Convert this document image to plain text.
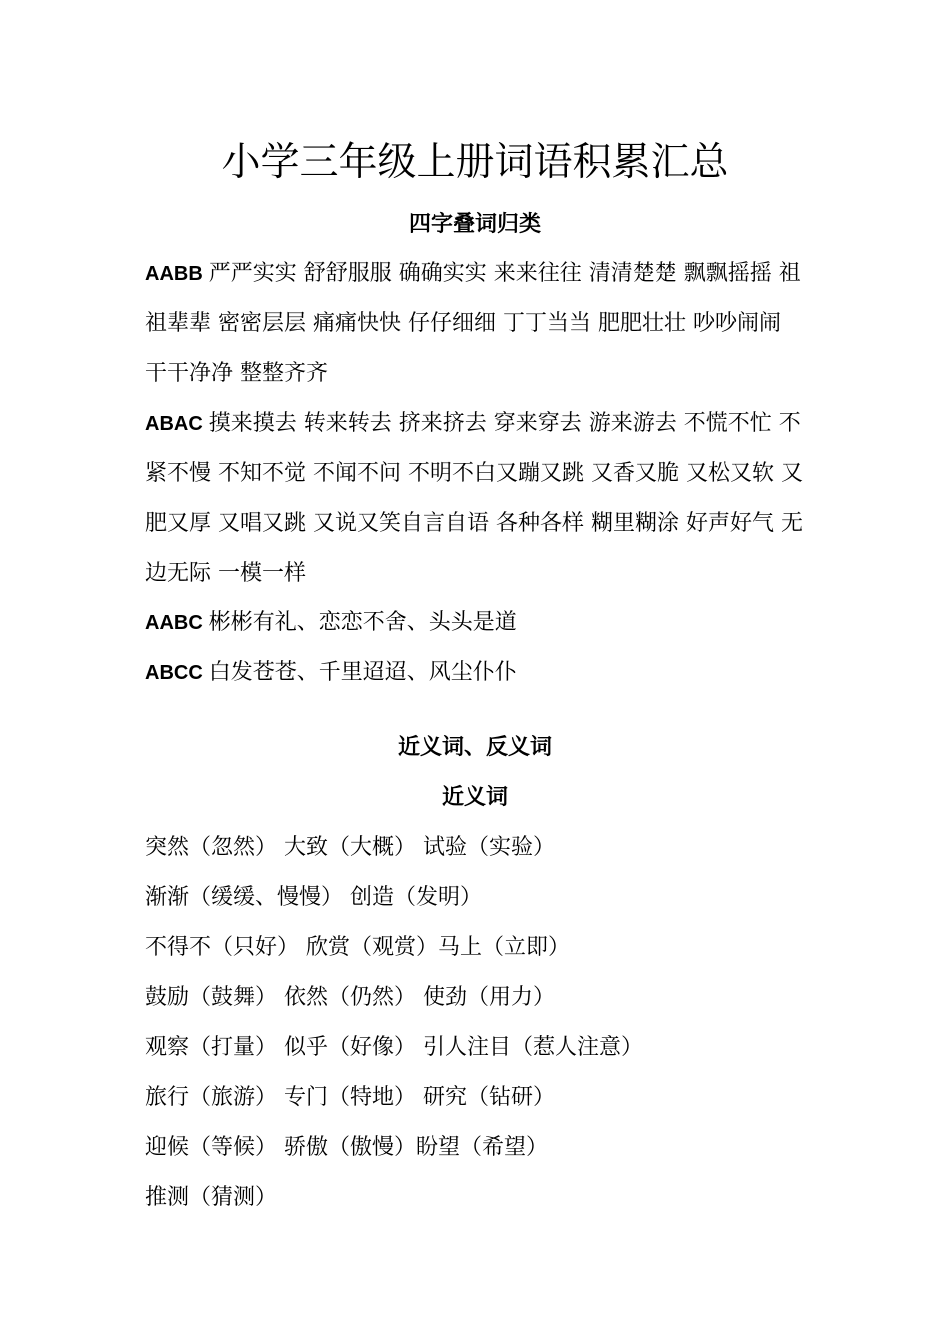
小学三年级上册词语积累汇总
四字叠词归类

AABB 严严实实 舒舒服服 确确实实 来来往往 清清楚楚 飘飘摇摇 祖祖辈辈 密密层层 痛痛快快 仔仔细细 丁丁当当 肥肥壮壮 吵吵闹闹 干干净净 整整齐齐

ABAC 摸来摸去 转来转去 挤来挤去 穿来穿去 游来游去 不慌不忙 不紧不慢 不知不觉 不闻不问 不明不白又蹦又跳 又香又脆 又松又软 又肥又厚 又唱又跳 又说又笑自言自语 各种各样 糊里糊涂 好声好气 无边无际 一模一样

AABC 彬彬有礼、恋恋不舍、头头是道

ABCC 白发苍苍、千里迢迢、风尘仆仆

近义词、反义词
近义词

突然（忽然） 大致（大概） 试验（实验）

渐渐（缓缓、慢慢） 创造（发明）

不得不（只好） 欣赏（观赏）马上（立即）

鼓励（鼓舞） 依然（仍然） 使劲（用力）

观察（打量） 似乎（好像） 引人注目（惹人注意）

旅行（旅游） 专门（特地） 研究（钻研）

迎候（等候） 骄傲（傲慢）盼望（希望）

推测（猜测）
